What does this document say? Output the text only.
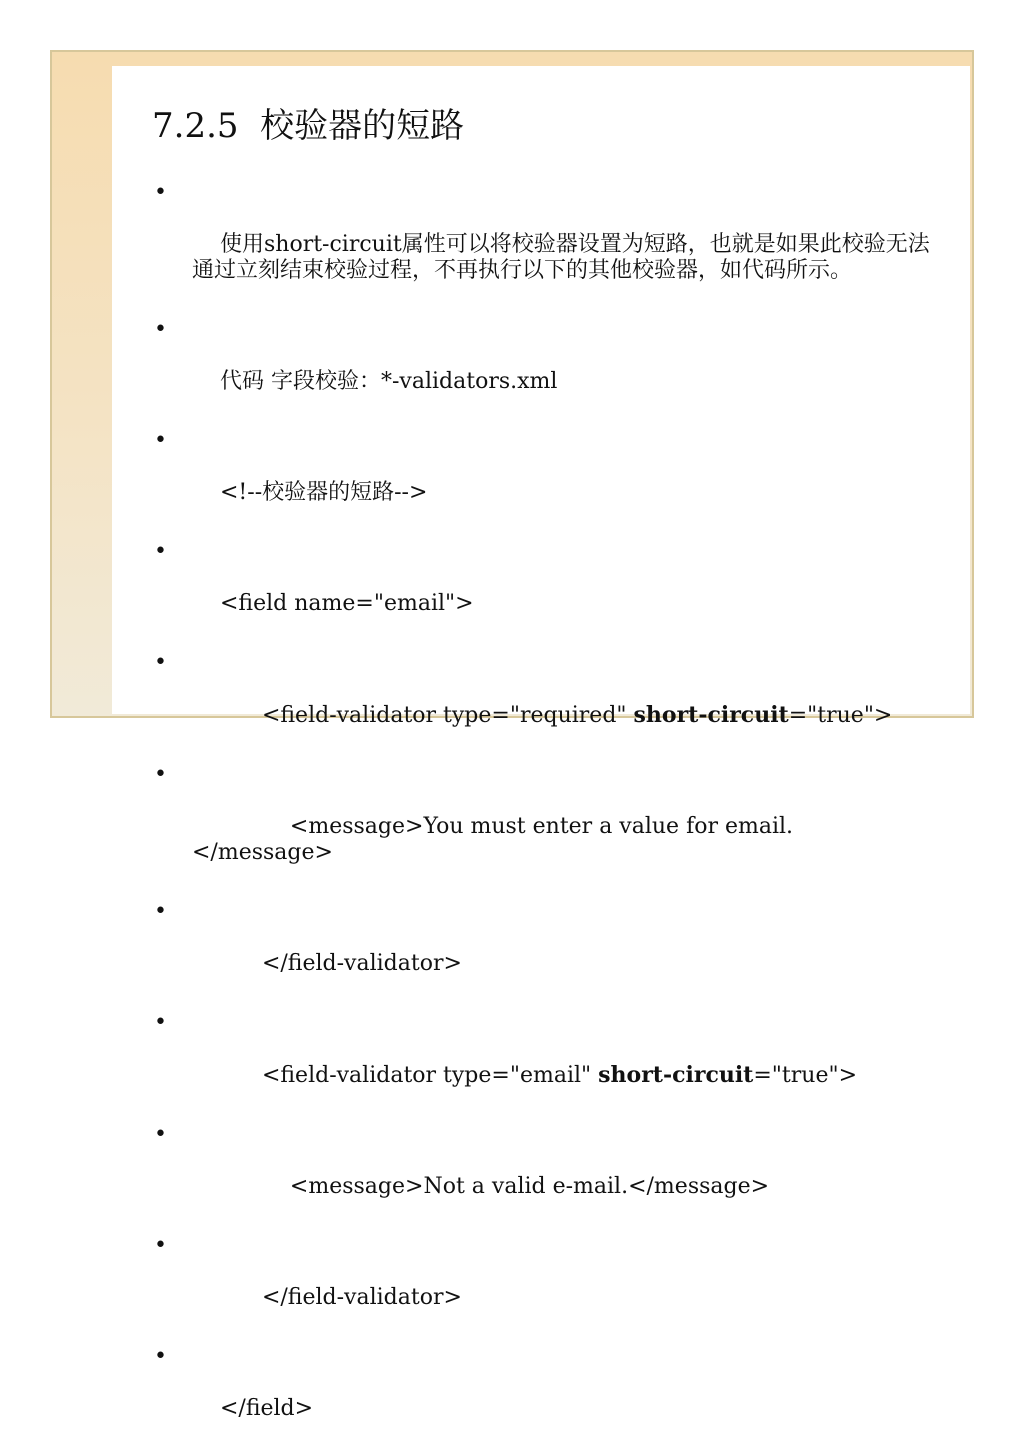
7.2.5  校验器的短路

•

使用short-circuit属性可以将校验器设置为短路，也就是如果此校验无法通过立刻结束校验过程，不再执行以下的其他校验器，如代码所示。

•

代码 字段校验：*-validators.xml

•

<!--校验器的短路-->

•

<field name="email">

•

<field-validator type="required" short-circuit="true">

•

<message>You must enter a value for email.</message>

•

</field-validator>

•

<field-validator type="email" short-circuit="true">

•

<message>Not a valid e-mail.</message>

•

</field-validator>

•

</field>
